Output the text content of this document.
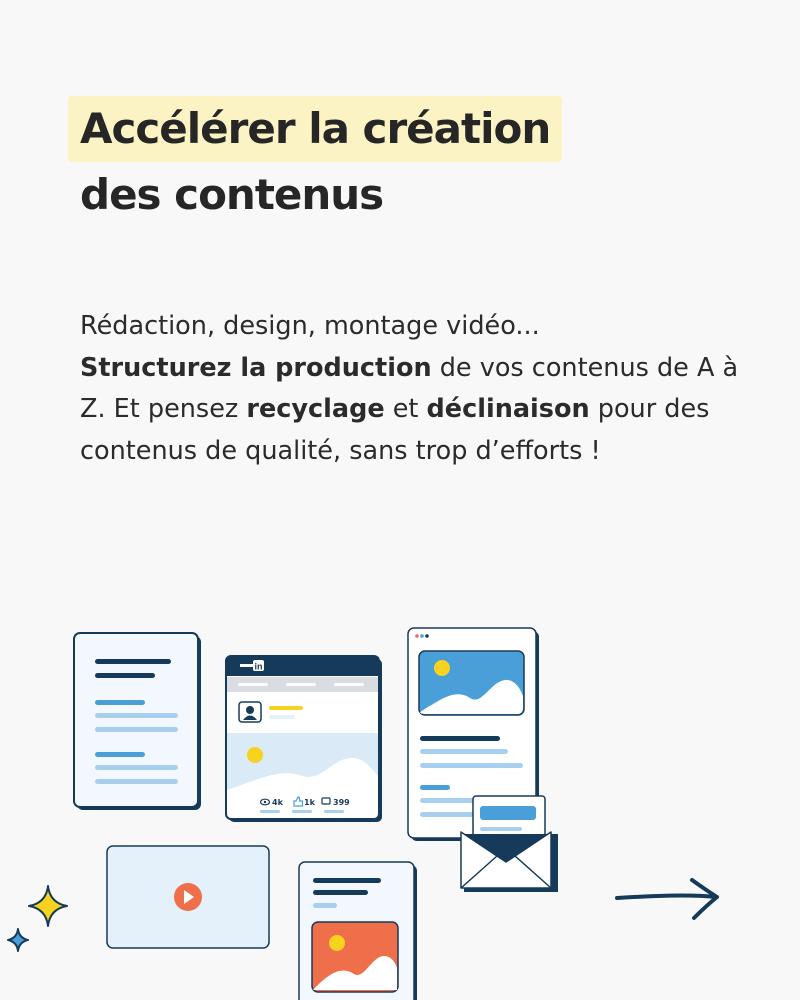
Accélérer la création
des contenus
Rédaction, design, montage vidéo...
Structurez la production de vos contenus de A à Z. Et pensez recyclage et déclinaison pour des contenus de qualité, sans trop d’efforts !
in
4k	1k 399
